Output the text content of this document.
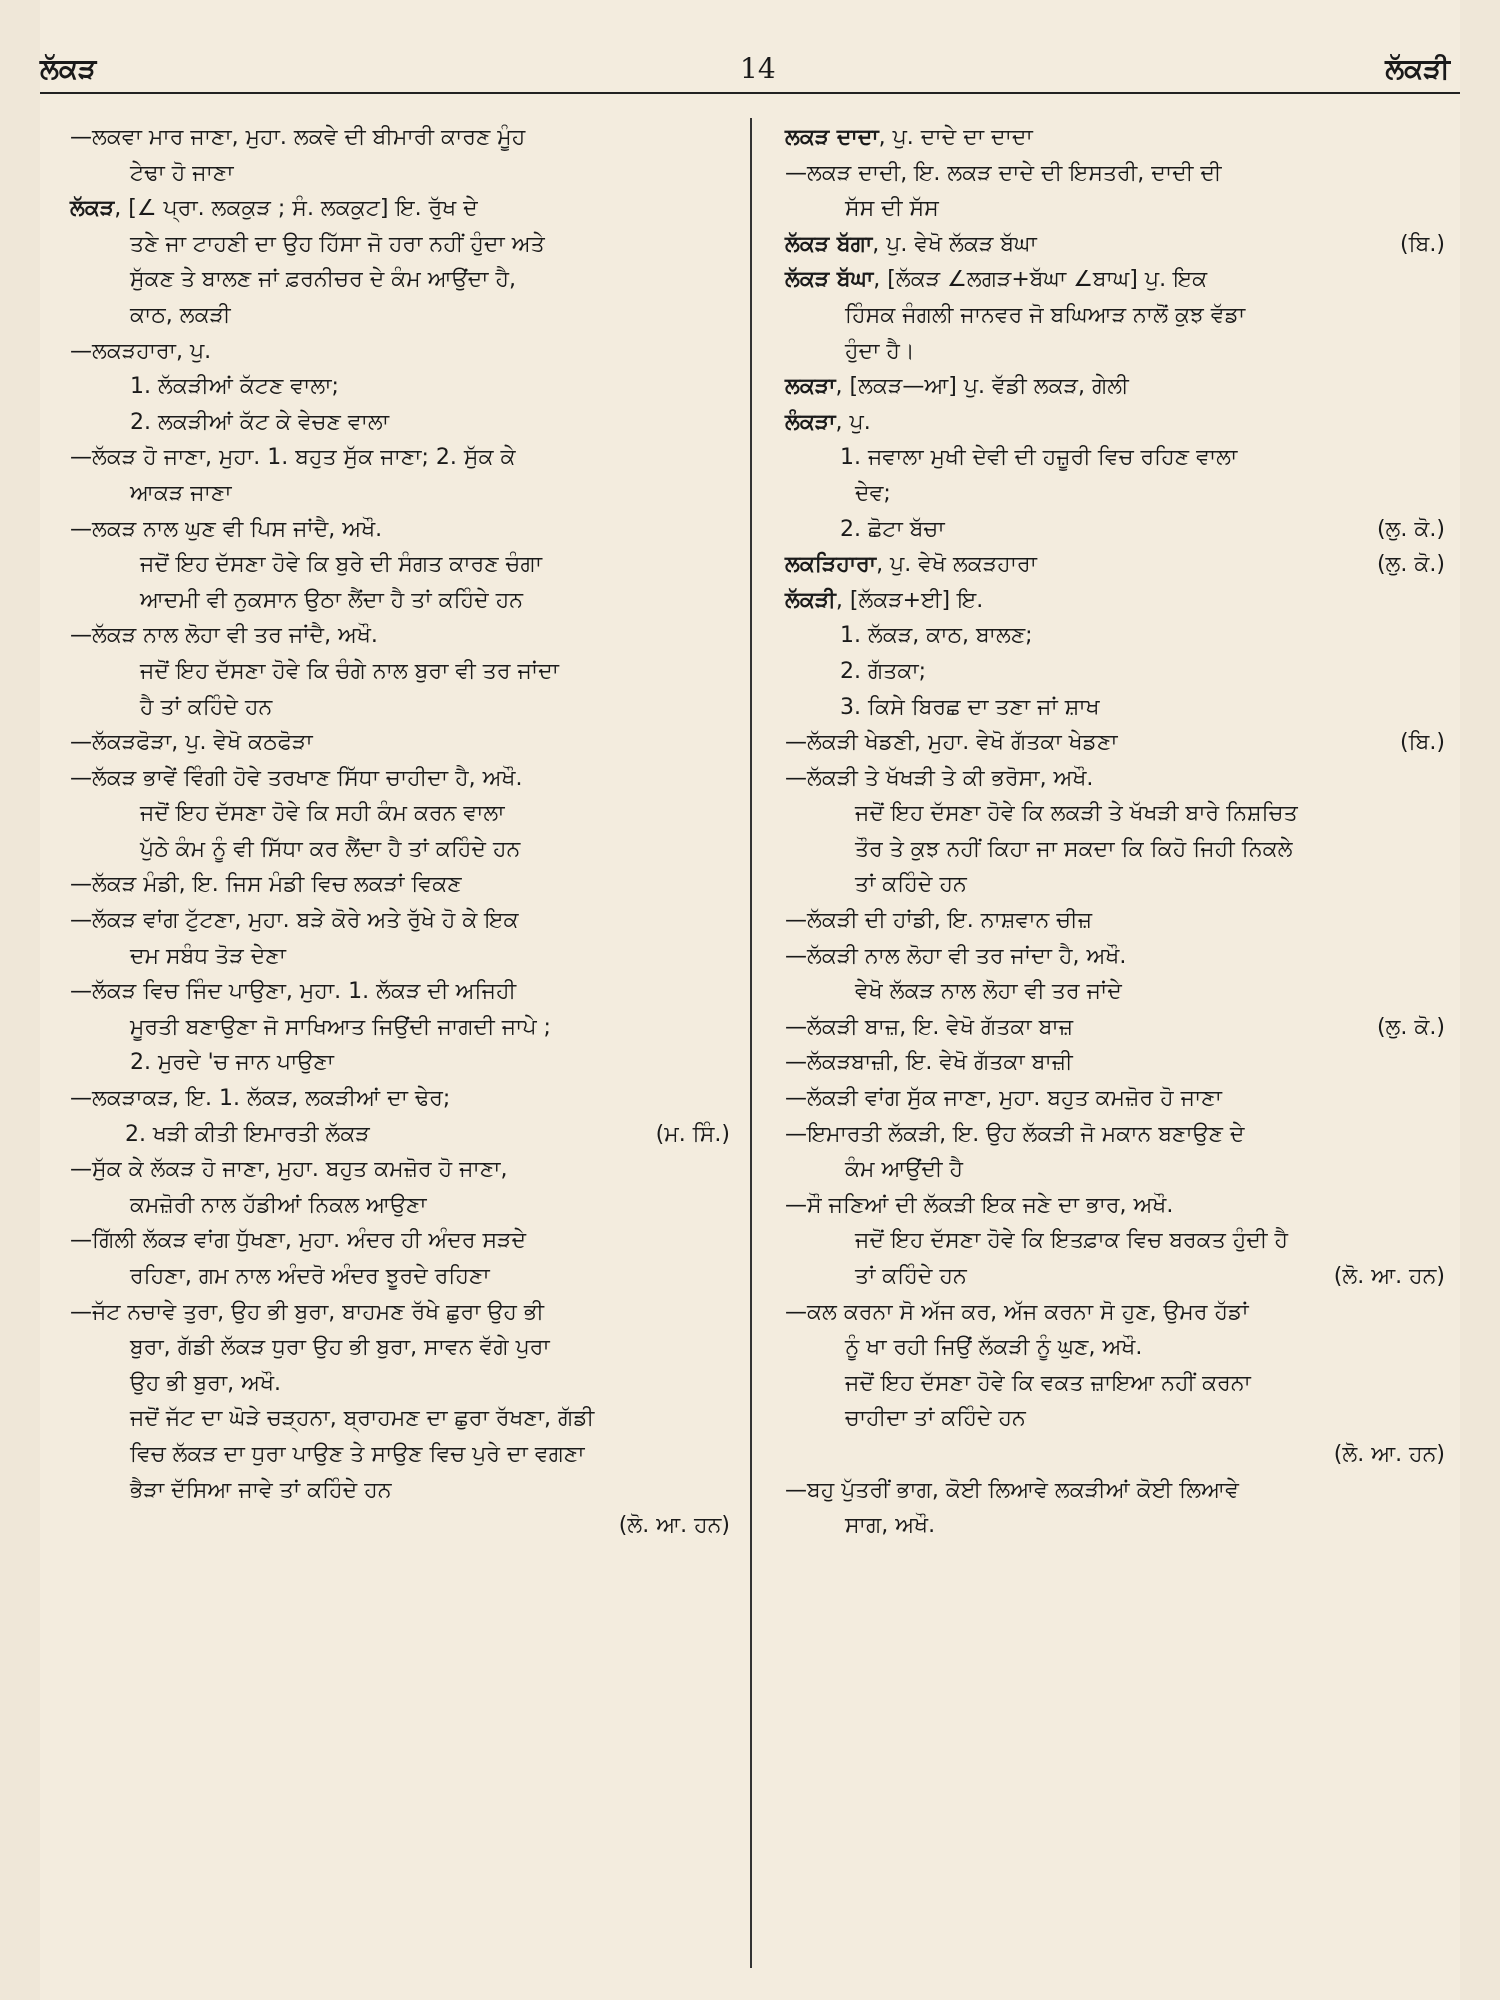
ਲੱਕੜ	14	ਲੱਕੜੀ
—ਲਕਵਾ ਮਾਰ ਜਾਣਾ, ਮੁਹਾ. ਲਕਵੇ ਦੀ ਬੀਮਾਰੀ ਕਾਰਣ ਮੂੰਹ
ਟੇਢਾ ਹੋ ਜਾਣਾ
ਲੱਕੜ, [∠ ਪ੍ਰਾ. ਲਕਕੁੜ ; ਸੰ. ਲਕਕੁਟ] ਇ. ਰੁੱਖ ਦੇ
ਤਣੇ ਜਾ ਟਾਹਣੀ ਦਾ ਉਹ ਹਿੱਸਾ ਜੋ ਹਰਾ ਨਹੀਂ ਹੁੰਦਾ ਅਤੇ
ਸੁੱਕਣ ਤੇ ਬਾਲਣ ਜਾਂ ਫ਼ਰਨੀਚਰ ਦੇ ਕੰਮ ਆਉਂਦਾ ਹੈ,
ਕਾਠ, ਲਕੜੀ
—ਲਕੜਹਾਰਾ, ਪੁ.
1. ਲੱਕੜੀਆਂ ਕੱਟਣ ਵਾਲਾ;
2. ਲਕੜੀਆਂ ਕੱਟ ਕੇ ਵੇਚਣ ਵਾਲਾ
—ਲੱਕੜ ਹੋ ਜਾਣਾ, ਮੁਹਾ. 1. ਬਹੁਤ ਸੁੱਕ ਜਾਣਾ; 2. ਸੁੱਕ ਕੇ
ਆਕੜ ਜਾਣਾ
—ਲਕੜ ਨਾਲ ਘੁਣ ਵੀ ਪਿਸ ਜਾਂਦੈ, ਅਖੌ.
ਜਦੋਂ ਇਹ ਦੱਸਣਾ ਹੋਵੇ ਕਿ ਬੁਰੇ ਦੀ ਸੰਗਤ ਕਾਰਣ ਚੰਗਾ
ਆਦਮੀ ਵੀ ਨੁਕਸਾਨ ਉਠਾ ਲੈਂਦਾ ਹੈ ਤਾਂ ਕਹਿੰਦੇ ਹਨ
—ਲੱਕੜ ਨਾਲ ਲੋਹਾ ਵੀ ਤਰ ਜਾਂਦੈ, ਅਖੌ.
ਜਦੋਂ ਇਹ ਦੱਸਣਾ ਹੋਵੇ ਕਿ ਚੰਗੇ ਨਾਲ ਬੁਰਾ ਵੀ ਤਰ ਜਾਂਦਾ
ਹੈ ਤਾਂ ਕਹਿੰਦੇ ਹਨ
—ਲੱਕੜਫੋੜਾ, ਪੁ. ਵੇਖੋ ਕਠਫੋੜਾ
—ਲੱਕੜ ਭਾਵੇਂ ਵਿੰਗੀ ਹੋਵੇ ਤਰਖਾਣ ਸਿੱਧਾ ਚਾਹੀਦਾ ਹੈ, ਅਖੌ.
ਜਦੋਂ ਇਹ ਦੱਸਣਾ ਹੋਵੇ ਕਿ ਸਹੀ ਕੰਮ ਕਰਨ ਵਾਲਾ
ਪੁੱਠੇ ਕੰਮ ਨੂੰ ਵੀ ਸਿੱਧਾ ਕਰ ਲੈਂਦਾ ਹੈ ਤਾਂ ਕਹਿੰਦੇ ਹਨ
—ਲੱਕੜ ਮੰਡੀ, ਇ. ਜਿਸ ਮੰਡੀ ਵਿਚ ਲਕੜਾਂ ਵਿਕਣ
—ਲੱਕੜ ਵਾਂਗ ਟੁੱਟਣਾ, ਮੁਹਾ. ਬੜੇ ਕੋਰੇ ਅਤੇ ਰੁੱਖੇ ਹੋ ਕੇ ਇਕ
ਦਮ ਸਬੰਧ ਤੋੜ ਦੇਣਾ
—ਲੱਕੜ ਵਿਚ ਜਿੰਦ ਪਾਉਣਾ, ਮੁਹਾ. 1. ਲੱਕੜ ਦੀ ਅਜਿਹੀ
ਮੂਰਤੀ ਬਣਾਉਣਾ ਜੋ ਸਾਖਿਆਤ ਜਿਉਂਦੀ ਜਾਗਦੀ ਜਾਪੇ ;
2. ਮੁਰਦੇ 'ਚ ਜਾਨ ਪਾਉਣਾ
—ਲਕੜਾਕੜ, ਇ. 1. ਲੱਕੜ, ਲਕੜੀਆਂ ਦਾ ਢੇਰ;
2. ਖੜੀ ਕੀਤੀ ਇਮਾਰਤੀ ਲੱਕੜ	(ਮ. ਸਿੰ.)
—ਸੁੱਕ ਕੇ ਲੱਕੜ ਹੋ ਜਾਣਾ, ਮੁਹਾ. ਬਹੁਤ ਕਮਜ਼ੋਰ ਹੋ ਜਾਣਾ,
ਕਮਜ਼ੋਰੀ ਨਾਲ ਹੱਡੀਆਂ ਨਿਕਲ ਆਉਣਾ
—ਗਿੱਲੀ ਲੱਕੜ ਵਾਂਗ ਧੁੱਖਣਾ, ਮੁਹਾ. ਅੰਦਰ ਹੀ ਅੰਦਰ ਸੜਦੇ
ਰਹਿਣਾ, ਗਮ ਨਾਲ ਅੰਦਰੋ ਅੰਦਰ ਝੂਰਦੇ ਰਹਿਣਾ
—ਜੱਟ ਨਚਾਵੇ ਤੁਰਾ, ਉਹ ਭੀ ਬੁਰਾ, ਬਾਹਮਣ ਰੱਖੇ ਛੁਰਾ ਉਹ ਭੀ
ਬੁਰਾ, ਗੱਡੀ ਲੱਕੜ ਧੁਰਾ ਉਹ ਭੀ ਬੁਰਾ, ਸਾਵਨ ਵੱਗੇ ਪੁਰਾ
ਉਹ ਭੀ ਬੁਰਾ, ਅਖੌ.
ਜਦੋਂ ਜੱਟ ਦਾ ਘੋੜੇ ਚੜ੍ਹਨਾ, ਬ੍ਰਾਹਮਣ ਦਾ ਛੁਰਾ ਰੱਖਣਾ, ਗੱਡੀ
ਵਿਚ ਲੱਕੜ ਦਾ ਧੁਰਾ ਪਾਉਣ ਤੇ ਸਾਉਣ ਵਿਚ ਪੁਰੇ ਦਾ ਵਗਣਾ
ਭੈੜਾ ਦੱਸਿਆ ਜਾਵੇ ਤਾਂ ਕਹਿੰਦੇ ਹਨ
(ਲੋ. ਆ. ਹਨ)
ਲਕੜ ਦਾਦਾ, ਪੁ. ਦਾਦੇ ਦਾ ਦਾਦਾ
—ਲਕੜ ਦਾਦੀ, ਇ. ਲਕੜ ਦਾਦੇ ਦੀ ਇਸਤਰੀ, ਦਾਦੀ ਦੀ
ਸੱਸ ਦੀ ਸੱਸ
ਲੱਕੜ ਬੱਗਾ, ਪੁ. ਵੇਖੋ ਲੱਕੜ ਬੱਘਾ	(ਬਿ.)
ਲੱਕੜ ਬੱਘਾ, [ਲੱਕੜ ∠ਲਗੜ+ਬੱਘਾ ∠ਬਾਘ] ਪੁ. ਇਕ
ਹਿੰਸਕ ਜੰਗਲੀ ਜਾਨਵਰ ਜੋ ਬਘਿਆੜ ਨਾਲੋਂ ਕੁਝ ਵੱਡਾ
ਹੁੰਦਾ ਹੈ।
ਲਕੜਾ, [ਲਕੜ—ਆ] ਪੁ. ਵੱਡੀ ਲਕੜ, ਗੇਲੀ
ਲੰਕੜਾ, ਪੁ.
1. ਜਵਾਲਾ ਮੁਖੀ ਦੇਵੀ ਦੀ ਹਜ਼ੂਰੀ ਵਿਚ ਰਹਿਣ ਵਾਲਾ
ਦੇਵ;
2. ਛੋਟਾ ਬੱਚਾ	(ਲੁ. ਕੋ.)
ਲਕੜਿਹਾਰਾ, ਪੁ. ਵੇਖੋ ਲਕੜਹਾਰਾ	(ਲੁ. ਕੋ.)
ਲੱਕੜੀ, [ਲੱਕੜ+ਈ] ਇ.
1. ਲੱਕੜ, ਕਾਠ, ਬਾਲਣ;
2. ਗੱਤਕਾ;
3. ਕਿਸੇ ਬਿਰਛ ਦਾ ਤਣਾ ਜਾਂ ਸ਼ਾਖ
—ਲੱਕੜੀ ਖੇਡਣੀ, ਮੁਹਾ. ਵੇਖੋ ਗੱਤਕਾ ਖੇਡਣਾ	(ਬਿ.)
—ਲੱਕੜੀ ਤੇ ਖੱਖੜੀ ਤੇ ਕੀ ਭਰੋਸਾ, ਅਖੌ.
ਜਦੋਂ ਇਹ ਦੱਸਣਾ ਹੋਵੇ ਕਿ ਲਕੜੀ ਤੇ ਖੱਖੜੀ ਬਾਰੇ ਨਿਸ਼ਚਿਤ
ਤੌਰ ਤੇ ਕੁਝ ਨਹੀਂ ਕਿਹਾ ਜਾ ਸਕਦਾ ਕਿ ਕਿਹੋ ਜਿਹੀ ਨਿਕਲੇ
ਤਾਂ ਕਹਿੰਦੇ ਹਨ
—ਲੱਕੜੀ ਦੀ ਹਾਂਡੀ, ਇ. ਨਾਸ਼ਵਾਨ ਚੀਜ਼
—ਲੱਕੜੀ ਨਾਲ ਲੋਹਾ ਵੀ ਤਰ ਜਾਂਦਾ ਹੈ, ਅਖੌ.
ਵੇਖੋ ਲੱਕੜ ਨਾਲ ਲੋਹਾ ਵੀ ਤਰ ਜਾਂਦੇ
—ਲੱਕੜੀ ਬਾਜ਼, ਇ. ਵੇਖੋ ਗੱਤਕਾ ਬਾਜ਼	(ਲੁ. ਕੋ.)
—ਲੱਕੜਬਾਜ਼ੀ, ਇ. ਵੇਖੋ ਗੱਤਕਾ ਬਾਜ਼ੀ
—ਲੱਕੜੀ ਵਾਂਗ ਸੁੱਕ ਜਾਣਾ, ਮੁਹਾ. ਬਹੁਤ ਕਮਜ਼ੋਰ ਹੋ ਜਾਣਾ
—ਇਮਾਰਤੀ ਲੱਕੜੀ, ਇ. ਉਹ ਲੱਕੜੀ ਜੋ ਮਕਾਨ ਬਣਾਉਣ ਦੇ
ਕੰਮ ਆਉਂਦੀ ਹੈ
—ਸੌ ਜਣਿਆਂ ਦੀ ਲੱਕੜੀ ਇਕ ਜਣੇ ਦਾ ਭਾਰ, ਅਖੌ.
ਜਦੋਂ ਇਹ ਦੱਸਣਾ ਹੋਵੇ ਕਿ ਇਤਫ਼ਾਕ ਵਿਚ ਬਰਕਤ ਹੁੰਦੀ ਹੈ
ਤਾਂ ਕਹਿੰਦੇ ਹਨ	(ਲੋ. ਆ. ਹਨ)
—ਕਲ ਕਰਨਾ ਸੋ ਅੱਜ ਕਰ, ਅੱਜ ਕਰਨਾ ਸੋ ਹੁਣ, ਉਮਰ ਹੱਡਾਂ
ਨੂੰ ਖਾ ਰਹੀ ਜਿਉਂ ਲੱਕੜੀ ਨੂੰ ਘੁਣ, ਅਖੌ.
ਜਦੋਂ ਇਹ ਦੱਸਣਾ ਹੋਵੇ ਕਿ ਵਕਤ ਜ਼ਾਇਆ ਨਹੀਂ ਕਰਨਾ
ਚਾਹੀਦਾ ਤਾਂ ਕਹਿੰਦੇ ਹਨ
(ਲੋ. ਆ. ਹਨ)
—ਬਹੁ ਪੁੱਤਰੀਂ ਭਾਗ, ਕੋਈ ਲਿਆਵੇ ਲਕੜੀਆਂ ਕੋਈ ਲਿਆਵੇ
ਸਾਗ, ਅਖੌ.
